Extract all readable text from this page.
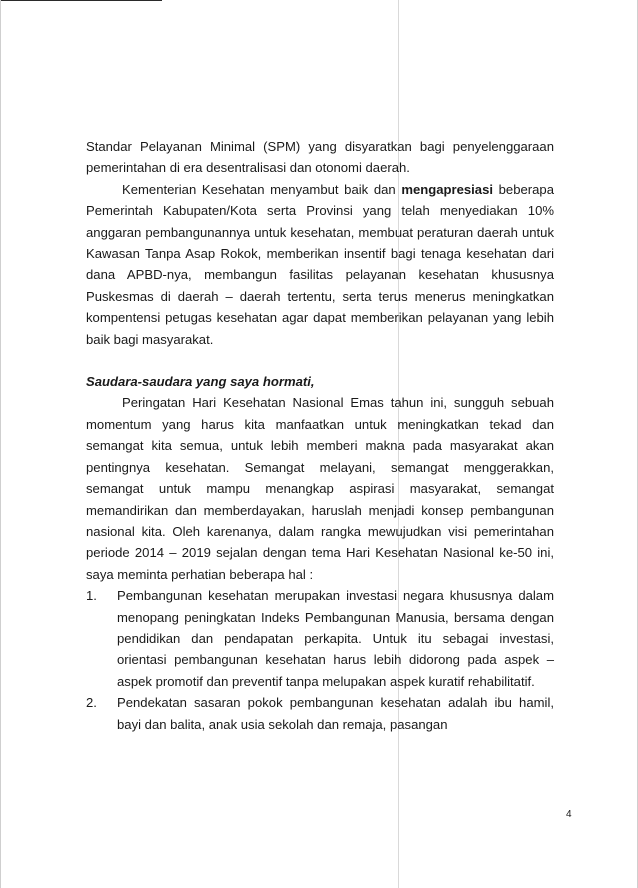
Standar Pelayanan Minimal (SPM) yang disyaratkan bagi penyelenggaraan pemerintahan di era desentralisasi dan otonomi daerah.

Kementerian Kesehatan menyambut baik dan mengapresiasi beberapa Pemerintah Kabupaten/Kota serta Provinsi yang telah menyediakan 10% anggaran pembangunannya untuk kesehatan, membuat peraturan daerah untuk Kawasan Tanpa Asap Rokok, memberikan insentif bagi tenaga kesehatan dari dana APBD-nya, membangun fasilitas pelayanan kesehatan khususnya Puskesmas di daerah – daerah tertentu, serta terus menerus meningkatkan kompentensi petugas kesehatan agar dapat memberikan pelayanan yang lebih baik bagi masyarakat.

Saudara-saudara yang saya hormati,

Peringatan Hari Kesehatan Nasional Emas tahun ini, sungguh sebuah momentum yang harus kita manfaatkan untuk meningkatkan tekad dan semangat kita semua, untuk lebih memberi makna pada masyarakat akan pentingnya kesehatan. Semangat melayani, semangat menggerakkan, semangat untuk mampu menangkap aspirasi masyarakat, semangat memandirikan dan memberdayakan, haruslah menjadi konsep pembangunan nasional kita. Oleh karenanya, dalam rangka mewujudkan visi pemerintahan periode 2014 – 2019 sejalan dengan tema Hari Kesehatan Nasional ke-50 ini, saya meminta perhatian beberapa hal :

1. Pembangunan kesehatan merupakan investasi negara khususnya dalam menopang peningkatan Indeks Pembangunan Manusia, bersama dengan pendidikan dan pendapatan perkapita. Untuk itu sebagai investasi, orientasi pembangunan kesehatan harus lebih didorong pada aspek – aspek promotif dan preventif tanpa melupakan aspek kuratif rehabilitatif.
2. Pendekatan sasaran pokok pembangunan kesehatan adalah ibu hamil, bayi dan balita, anak usia sekolah dan remaja, pasangan
4
